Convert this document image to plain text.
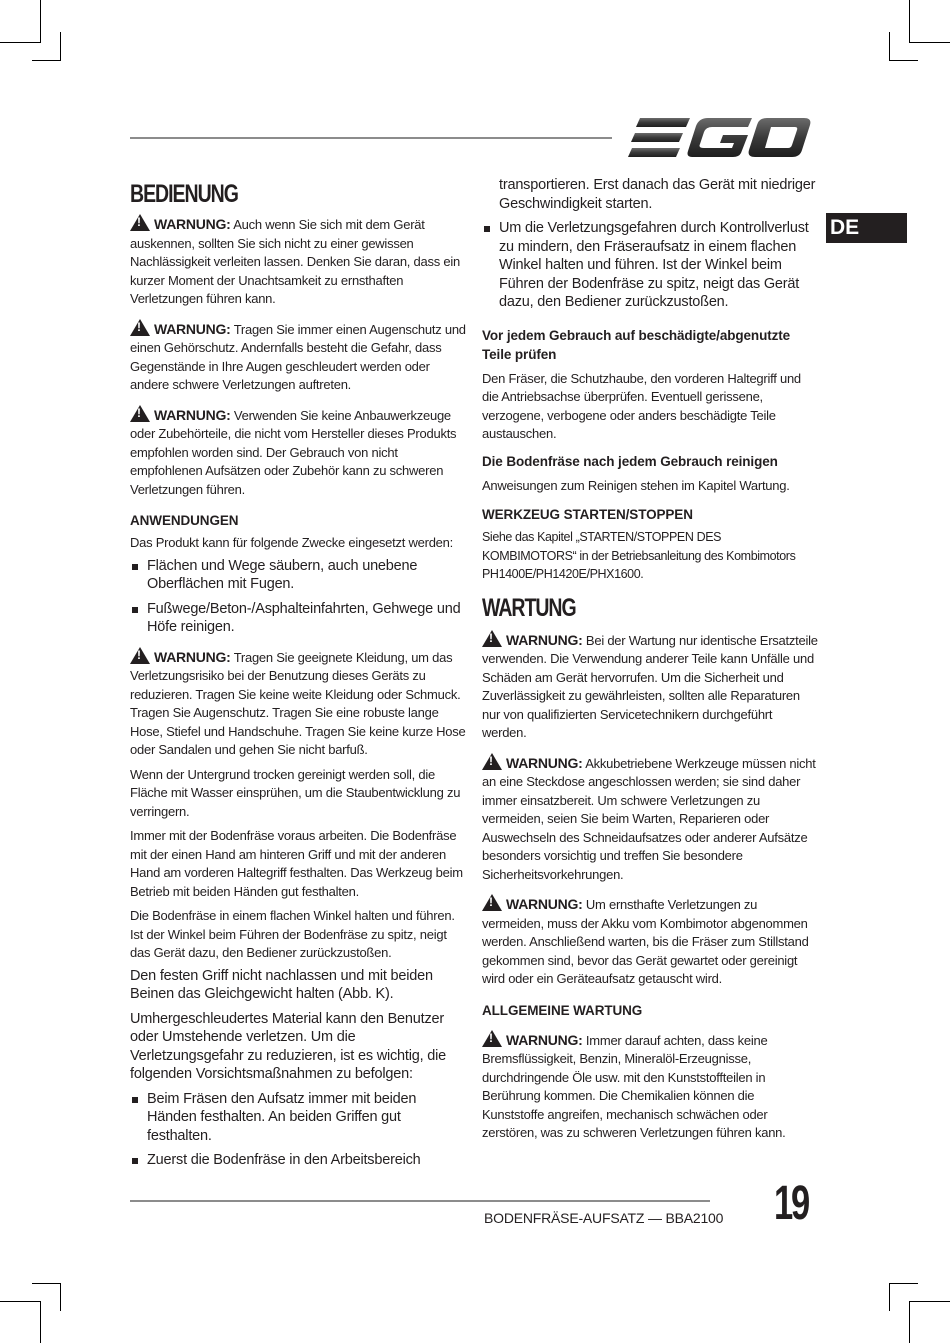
DE
BEDIENUNG

!WARNUNG: Auch wenn Sie sich mit dem Gerät auskennen, sollten Sie sich nicht zu einer gewissen Nachlässigkeit verleiten lassen. Denken Sie daran, dass ein kurzer Moment der Unachtsamkeit zu ernsthaften Verletzungen führen kann.

!WARNUNG: Tragen Sie immer einen Augenschutz und einen Gehörschutz. Andernfalls besteht die Gefahr, dass Gegenstände in Ihre Augen geschleudert werden oder andere schwere Verletzungen auftreten.

!WARNUNG: Verwenden Sie keine Anbauwerkzeuge oder Zubehörteile, die nicht vom Hersteller dieses Produkts empfohlen worden sind. Der Gebrauch von nicht empfohlenen Aufsätzen oder Zubehör kann zu schweren Verletzungen führen.

ANWENDUNGEN

Das Produkt kann für folgende Zwecke eingesetzt werden:

Flächen und Wege säubern, auch unebene Oberflächen mit Fugen.
Fußwege/Beton-/Asphalteinfahrten, Gehwege und Höfe reinigen.

!WARNUNG: Tragen Sie geeignete Kleidung, um das Verletzungsrisiko bei der Benutzung dieses Geräts zu reduzieren. Tragen Sie keine weite Kleidung oder Schmuck. Tragen Sie Augenschutz. Tragen Sie eine robuste lange Hose, Stiefel und Handschuhe. Tragen Sie keine kurze Hose oder Sandalen und gehen Sie nicht barfuß.

Wenn der Untergrund trocken gereinigt werden soll, die Fläche mit Wasser einsprühen, um die Staubentwicklung zu verringern.

Immer mit der Bodenfräse voraus arbeiten. Die Bodenfräse mit der einen Hand am hinteren Griff und mit der anderen Hand am vorderen Haltegriff festhalten. Das Werkzeug beim Betrieb mit beiden Händen gut festhalten.

Die Bodenfräse in einem flachen Winkel halten und führen. Ist der Winkel beim Führen der Bodenfräse zu spitz, neigt das Gerät dazu, den Bediener zurückzustoßen.

Den festen Griff nicht nachlassen und mit beiden Beinen das Gleichgewicht halten (Abb. K).

Umhergeschleudertes Material kann den Benutzer oder Umstehende verletzen. Um die Verletzungsgefahr zu reduzieren, ist es wichtig, die folgenden Vorsichtsmaßnahmen zu befolgen:

Beim Fräsen den Aufsatz immer mit beiden Händen festhalten. An beiden Griffen gut festhalten.
Zuerst die Bodenfräse in den Arbeitsbereich
transportieren. Erst danach das Gerät mit niedriger Geschwindigkeit starten.
Um die Verletzungsgefahren durch Kontrollverlust zu mindern, den Fräseraufsatz in einem flachen Winkel halten und führen. Ist der Winkel beim Führen der Bodenfräse zu spitz, neigt das Gerät dazu, den Bediener zurückzustoßen.
Vor jedem Gebrauch auf beschädigte/abgenutzte Teile prüfen

Den Fräser, die Schutzhaube, den vorderen Haltegriff und die Antriebsachse überprüfen. Eventuell gerissene, verzogene, verbogene oder anders beschädigte Teile austauschen.

Die Bodenfräse nach jedem Gebrauch reinigen

Anweisungen zum Reinigen stehen im Kapitel Wartung.

WERKZEUG STARTEN/STOPPEN

Siehe das Kapitel „STARTEN/STOPPEN DES KOMBIMOTORS“ in der Betriebsanleitung des Kombimotors PH1400E/PH1420E/PHX1600.

WARTUNG

!WARNUNG: Bei der Wartung nur identische Ersatzteile verwenden. Die Verwendung anderer Teile kann Unfälle und Schäden am Gerät hervorrufen. Um die Sicherheit und Zuverlässigkeit zu gewährleisten, sollten alle Reparaturen nur von qualifizierten Servicetechnikern durchgeführt werden.

!WARNUNG: Akkubetriebene Werkzeuge müssen nicht an eine Steckdose angeschlossen werden; sie sind daher immer einsatzbereit. Um schwere Verletzungen zu vermeiden, seien Sie beim Warten, Reparieren oder Auswechseln des Schneidaufsatzes oder anderer Aufsätze besonders vorsichtig und treffen Sie besondere Sicherheitsvorkehrungen.

!WARNUNG: Um ernsthafte Verletzungen zu vermeiden, muss der Akku vom Kombimotor abgenommen werden. Anschließend warten, bis die Fräser zum Stillstand gekommen sind, bevor das Gerät gewartet oder gereinigt wird oder ein Geräteaufsatz getauscht wird.

ALLGEMEINE WARTUNG

!WARNUNG: Immer darauf achten, dass keine Bremsflüssigkeit, Benzin, Mineralöl-Erzeugnisse, durchdringende Öle usw. mit den Kunststoffteilen in Berührung kommen. Die Chemikalien können die Kunststoffe angreifen, mechanisch schwächen oder zerstören, was zu schweren Verletzungen führen kann.

BODENFRÄSE-AUFSATZ — BBA2100 19
